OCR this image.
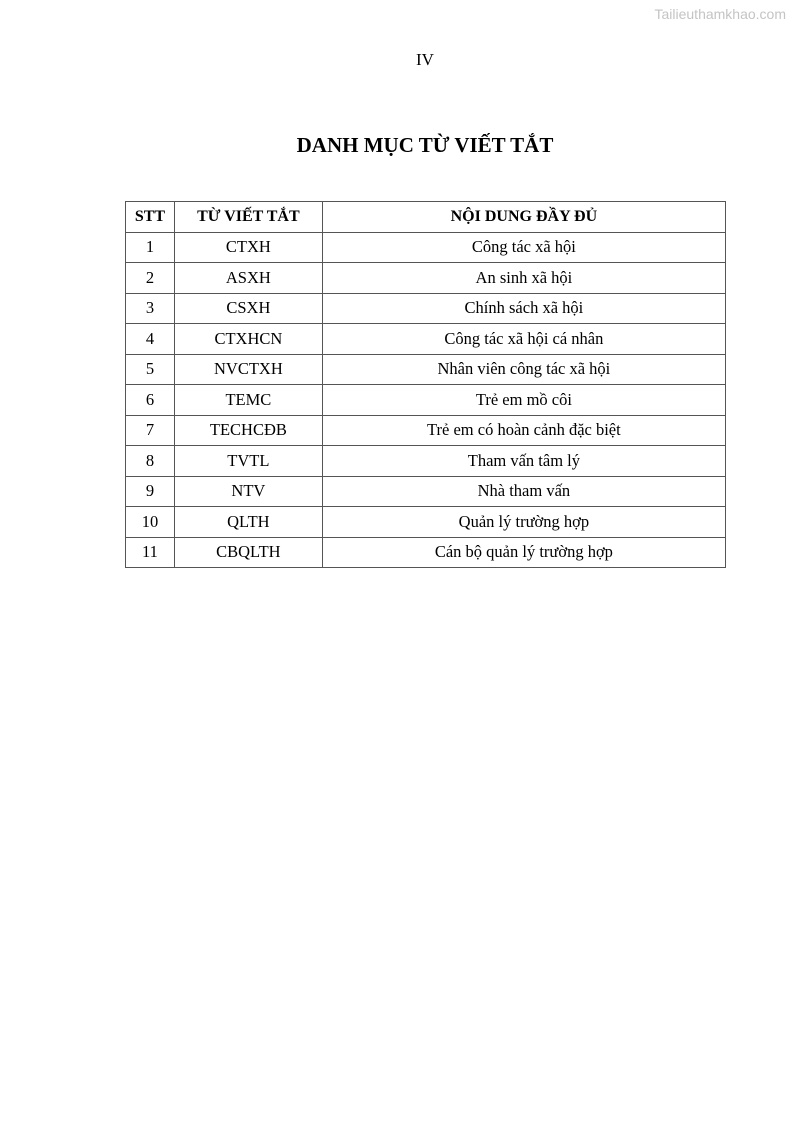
Tailieuthamkhao.com
IV
DANH MỤC TỪ VIẾT TẮT
STT	TỪ VIẾT TẮT	NỘI DUNG ĐẦY ĐỦ
1	CTXH	Công tác xã hội
2	ASXH	An sinh xã hội
3	CSXH	Chính sách xã hội
4	CTXHCN	Công tác xã hội cá nhân
5	NVCTXH	Nhân viên công tác xã hội
6	TEMC	Trẻ em mồ côi
7	TECHCĐB	Trẻ em có hoàn cảnh đặc biệt
8	TVTL	Tham vấn tâm lý
9	NTV	Nhà tham vấn
10	QLTH	Quản lý trường hợp
11	CBQLTH	Cán bộ quản lý trường hợp
